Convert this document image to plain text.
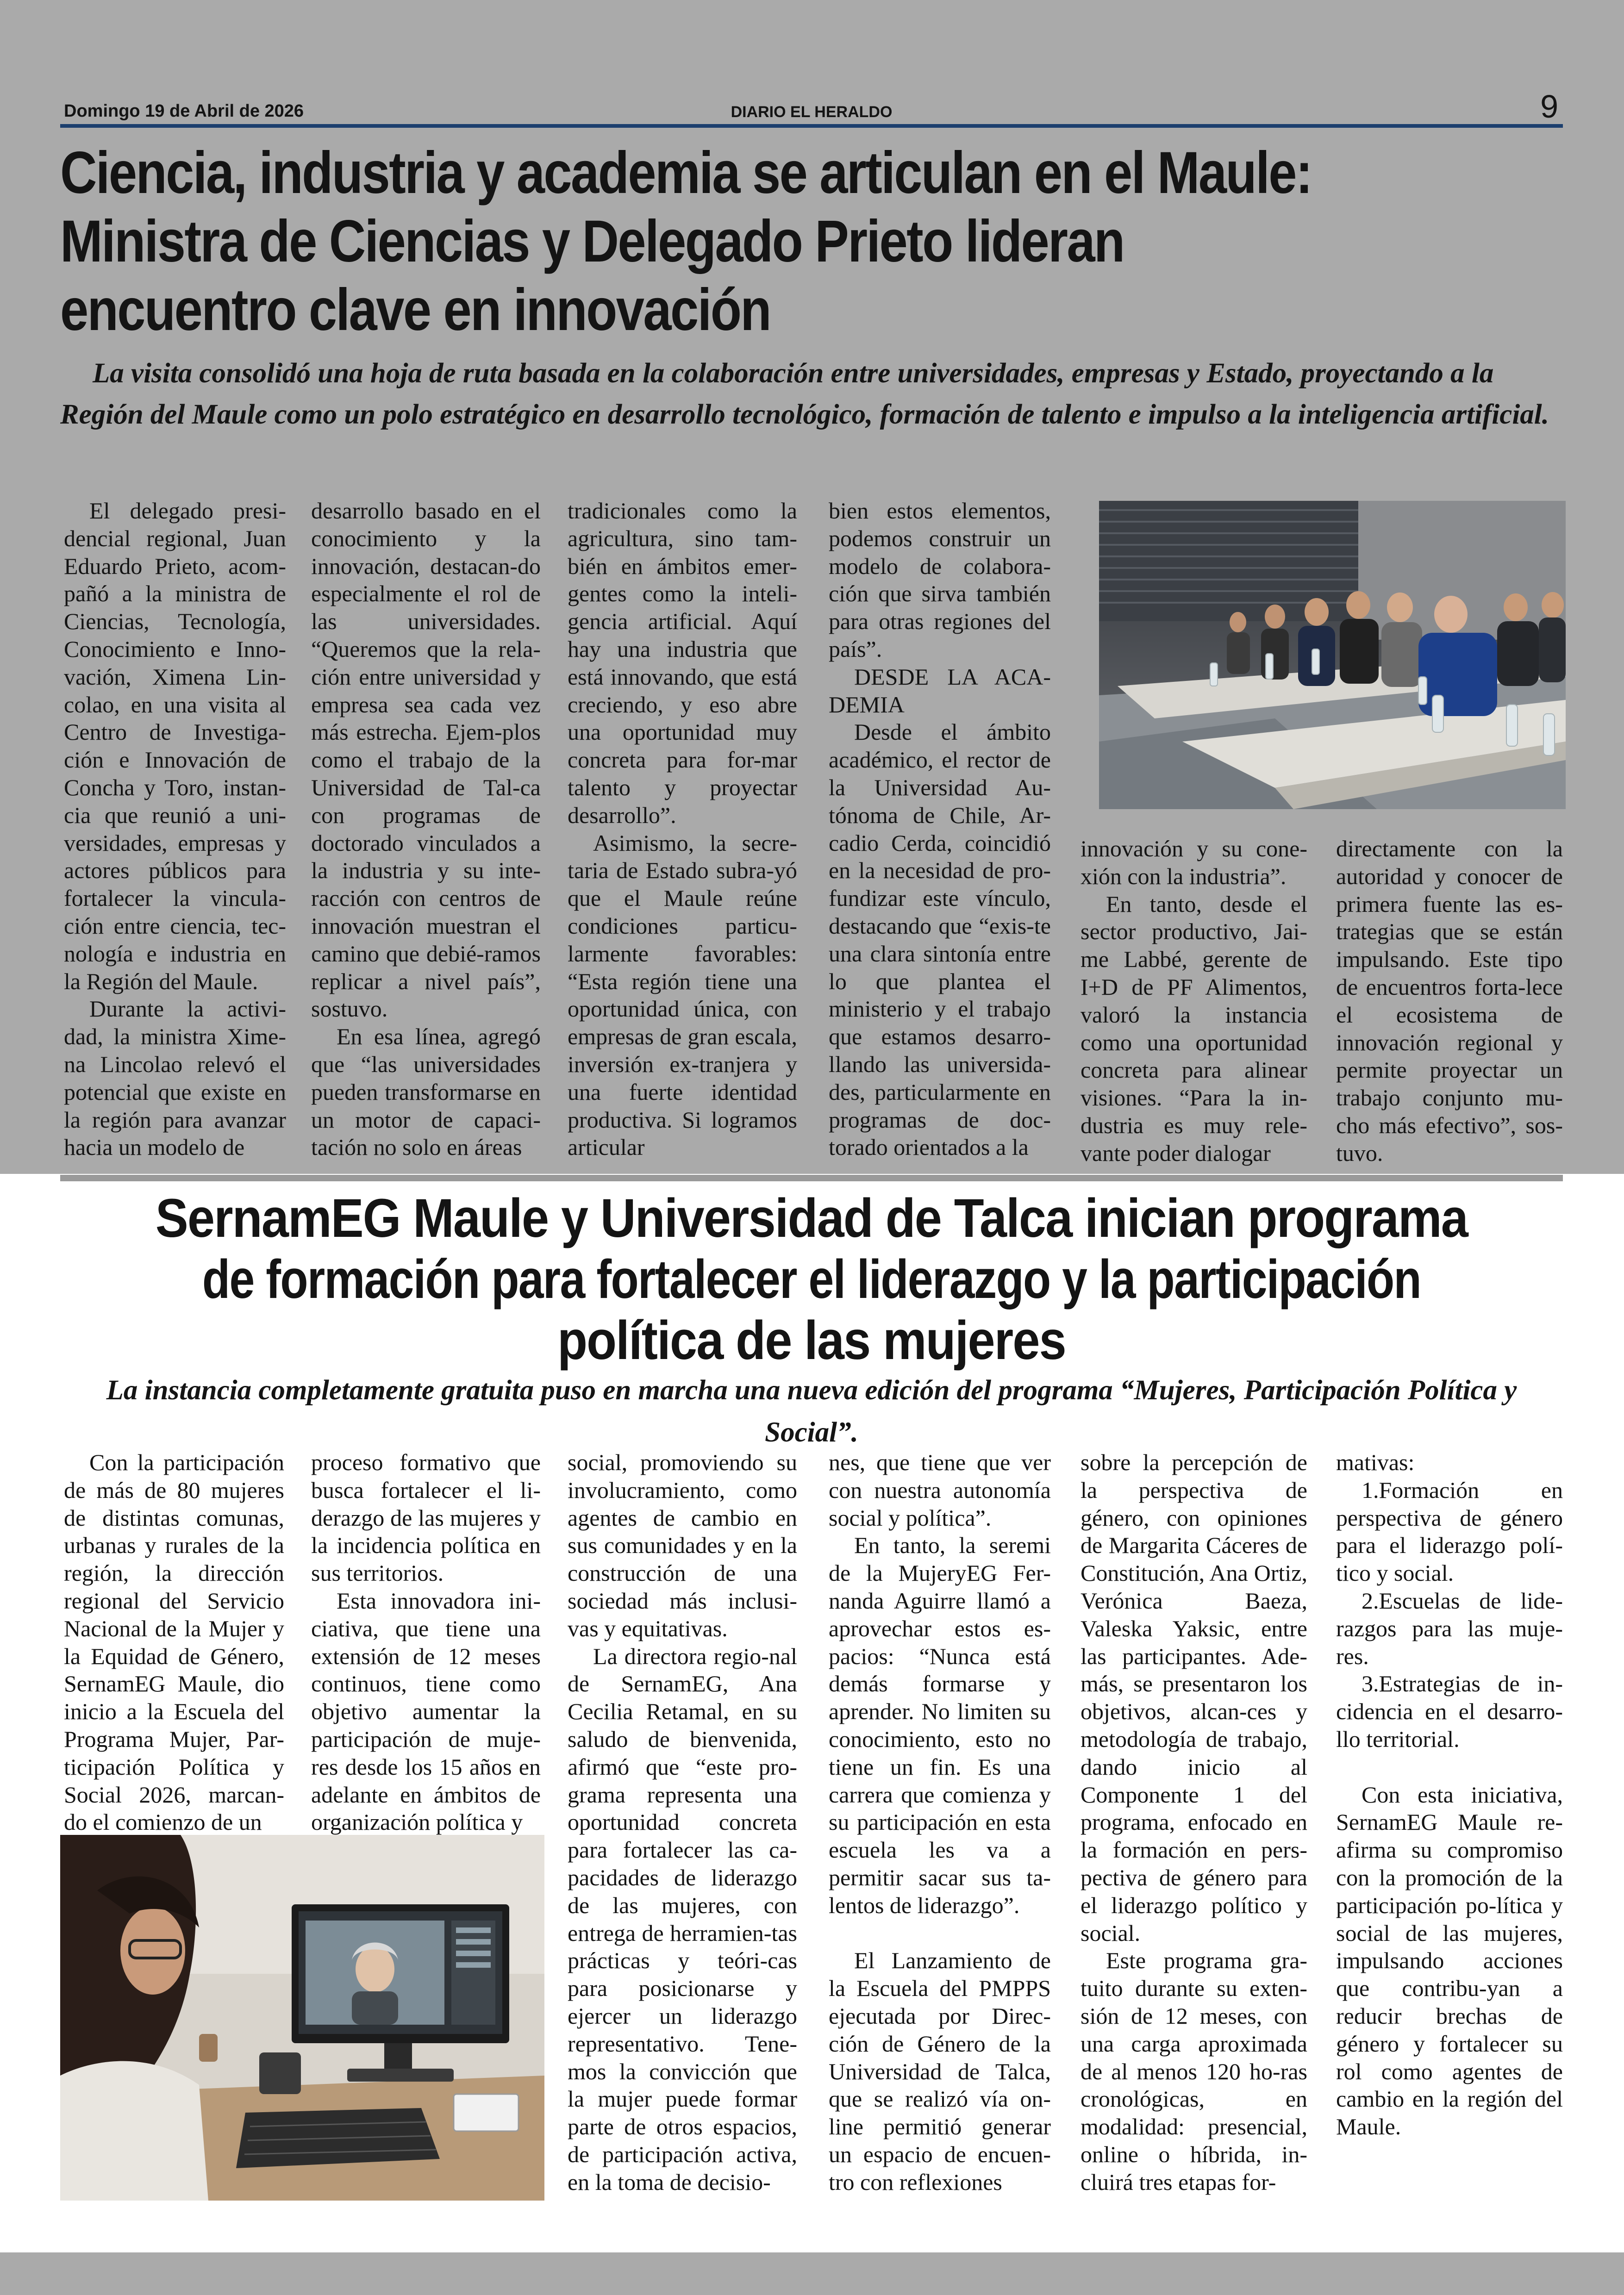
Domingo 19 de Abril de 2026	DIARIO EL HERALDO	9
Ciencia, industria y academia se articulan en el Maule:
Ministra de Ciencias y Delegado Prieto lideran
encuentro clave en innovación

La visita consolidó una hoja de ruta basada en la colaboración entre universidades, empresas y Estado, proyectando a la Región del Maule como un polo estratégico en desarrollo tecnológico, formación de talento e impulso a la inteligencia artificial.

El delegado presi-dencial regional, Juan Eduardo Prieto, acom-pañó a la ministra de Ciencias, Tecnología, Conocimiento e Inno-vación, Ximena Lin-colao, en una visita al Centro de Investiga-ción e Innovación de Concha y Toro, instan-cia que reunió a uni-versidades, empresas y actores públicos para fortalecer la vincula-ción entre ciencia, tec-nología e industria en la Región del Maule.

Durante la activi-dad, la ministra Xime-na Lincolao relevó el potencial que existe en la región para avanzar hacia un modelo de

desarrollo basado en el conocimiento y la innovación, destacan-do especialmente el rol de las universidades. “Queremos que la rela-ción entre universidad y empresa sea cada vez más estrecha. Ejem-plos como el trabajo de la Universidad de Tal-ca con programas de doctorado vinculados a la industria y su inte-racción con centros de innovación muestran el camino que debié-ramos replicar a nivel país”, sostuvo.

En esa línea, agregó que “las universidades pueden transformarse en un motor de capaci-tación no solo en áreas

tradicionales como la agricultura, sino tam-bién en ámbitos emer-gentes como la inteli-gencia artificial. Aquí hay una industria que está innovando, que está creciendo, y eso abre una oportunidad muy concreta para for-mar talento y proyectar desarrollo”.

Asimismo, la secre-taria de Estado subra-yó que el Maule reúne condiciones particu-larmente favorables: “Esta región tiene una oportunidad única, con empresas de gran escala, inversión ex-tranjera y una fuerte identidad productiva. Si logramos articular

bien estos elementos, podemos construir un modelo de colabora-ción que sirva también para otras regiones del país”.

DESDE LA ACA-DEMIA

Desde el ámbito académico, el rector de la Universidad Au-tónoma de Chile, Ar-cadio Cerda, coincidió en la necesidad de pro-fundizar este vínculo, destacando que “exis-te una clara sintonía entre lo que plantea el ministerio y el trabajo que estamos desarro-llando las universida-des, particularmente en programas de doc-torado orientados a la

innovación y su cone-xión con la industria”.

En tanto, desde el sector productivo, Jai-me Labbé, gerente de I+D de PF Alimentos, valoró la instancia como una oportunidad concreta para alinear visiones. “Para la in-dustria es muy rele-vante poder dialogar

directamente con la autoridad y conocer de primera fuente las es-trategias que se están impulsando. Este tipo de encuentros forta-lece el ecosistema de innovación regional y permite proyectar un trabajo conjunto mu-cho más efectivo”, sos-tuvo.

SernamEG Maule y Universidad de Talca inician programa
de formación para fortalecer el liderazgo y la participación
política de las mujeres

La instancia completamente gratuita puso en marcha una nueva edición del programa “Mujeres, Participación Política y Social”.

Con la participación de más de 80 mujeres de distintas comunas, urbanas y rurales de la región, la dirección regional del Servicio Nacional de la Mujer y la Equidad de Género, SernamEG Maule, dio inicio a la Escuela del Programa Mujer, Par-ticipación Política y Social 2026, marcan-do el comienzo de un

proceso formativo que busca fortalecer el li-derazgo de las mujeres y la incidencia política en sus territorios.

Esta innovadora ini-ciativa, que tiene una extensión de 12 meses continuos, tiene como objetivo aumentar la participación de muje-res desde los 15 años en adelante en ámbitos de organización política y

social, promoviendo su involucramiento, como agentes de cambio en sus comunidades y en la construcción de una sociedad más inclusi-vas y equitativas.

La directora regio-nal de SernamEG, Ana Cecilia Retamal, en su saludo de bienvenida, afirmó que “este pro-grama representa una oportunidad concreta para fortalecer las ca-pacidades de liderazgo de las mujeres, con entrega de herramien-tas prácticas y teóri-cas para posicionarse y ejercer un liderazgo representativo. Tene-mos la convicción que la mujer puede formar parte de otros espacios, de participación activa, en la toma de decisio-

nes, que tiene que ver con nuestra autonomía social y política”.

En tanto, la seremi de la MujeryEG Fer-nanda Aguirre llamó a aprovechar estos es-pacios: “Nunca está demás formarse y aprender. No limiten su conocimiento, esto no tiene un fin. Es una carrera que comienza y su participación en esta escuela les va a permitir sacar sus ta-lentos de liderazgo”.

El Lanzamiento de la Escuela del PMPPS ejecutada por Direc-ción de Género de la Universidad de Talca, que se realizó vía on-line permitió generar un espacio de encuen-tro con reflexiones

sobre la percepción de la perspectiva de género, con opiniones de Margarita Cáceres de Constitución, Ana Ortiz, Verónica Baeza, Valeska Yaksic, entre las participantes. Ade-más, se presentaron los objetivos, alcan-ces y metodología de trabajo, dando inicio al Componente 1 del programa, enfocado en la formación en pers-pectiva de género para el liderazgo político y social.

Este programa gra-tuito durante su exten-sión de 12 meses, con una carga aproximada de al menos 120 ho-ras cronológicas, en modalidad: presencial, online o híbrida, in-cluirá tres etapas for-

mativas:

1.Formación en perspectiva de género para el liderazgo polí-tico y social.

2.Escuelas de lide-razgos para las muje-res.

3.Estrategias de in-cidencia en el desarro-llo territorial.

Con esta iniciativa, SernamEG Maule re-afirma su compromiso con la promoción de la participación po-lítica y social de las mujeres, impulsando acciones que contribu-yan a reducir brechas de género y fortalecer su rol como agentes de cambio en la región del Maule.
